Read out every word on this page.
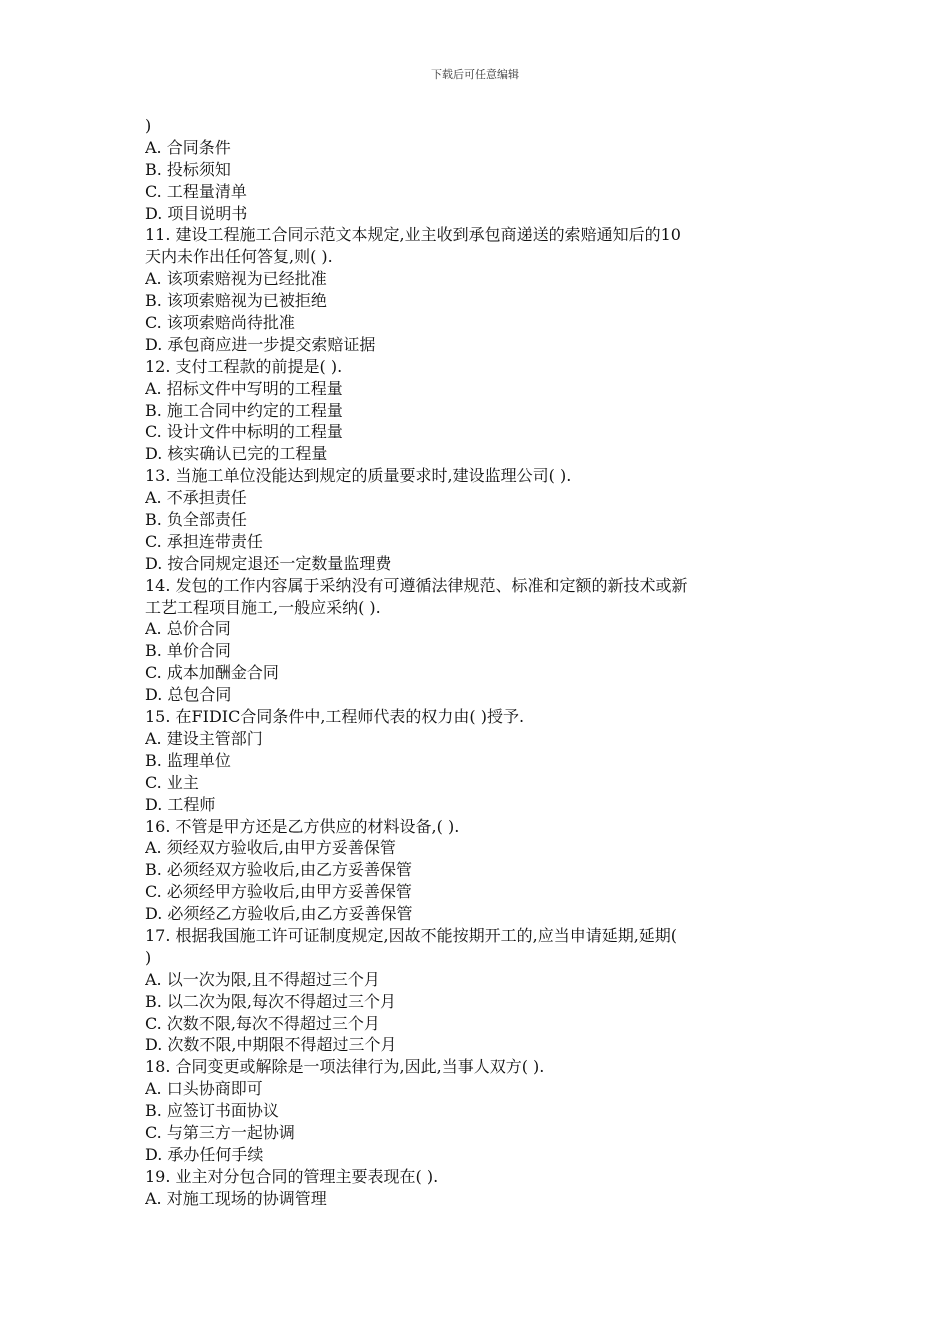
下载后可任意编辑
)
A. 合同条件
B. 投标须知
C. 工程量清单
D. 项目说明书
11. 建设工程施工合同示范文本规定,业主收到承包商递送的索赔通知后的10
天内未作出任何答复,则( ).
A. 该项索赔视为已经批准
B. 该项索赔视为已被拒绝
C. 该项索赔尚待批准
D. 承包商应进一步提交索赔证据
12. 支付工程款的前提是( ).
A. 招标文件中写明的工程量
B. 施工合同中约定的工程量
C. 设计文件中标明的工程量
D. 核实确认已完的工程量
13. 当施工单位没能达到规定的质量要求时,建设监理公司( ).
A. 不承担责任
B. 负全部责任
C. 承担连带责任
D. 按合同规定退还一定数量监理费
14. 发包的工作内容属于采纳没有可遵循法律规范、标准和定额的新技术或新
工艺工程项目施工,一般应采纳( ).
A. 总价合同
B. 单价合同
C. 成本加酬金合同
D. 总包合同
15. 在FIDIC合同条件中,工程师代表的权力由( )授予.
A. 建设主管部门
B. 监理单位
C. 业主
D. 工程师
16. 不管是甲方还是乙方供应的材料设备,( ).
A. 须经双方验收后,由甲方妥善保管
B. 必须经双方验收后,由乙方妥善保管
C. 必须经甲方验收后,由甲方妥善保管
D. 必须经乙方验收后,由乙方妥善保管
17. 根据我国施工许可证制度规定,因故不能按期开工的,应当申请延期,延期(
)
A. 以一次为限,且不得超过三个月
B. 以二次为限,每次不得超过三个月
C. 次数不限,每次不得超过三个月
D. 次数不限,中期限不得超过三个月
18. 合同变更或解除是一项法律行为,因此,当事人双方( ).
A. 口头协商即可
B. 应签订书面协议
C. 与第三方一起协调
D. 承办任何手续
19. 业主对分包合同的管理主要表现在( ).
A. 对施工现场的协调管理
